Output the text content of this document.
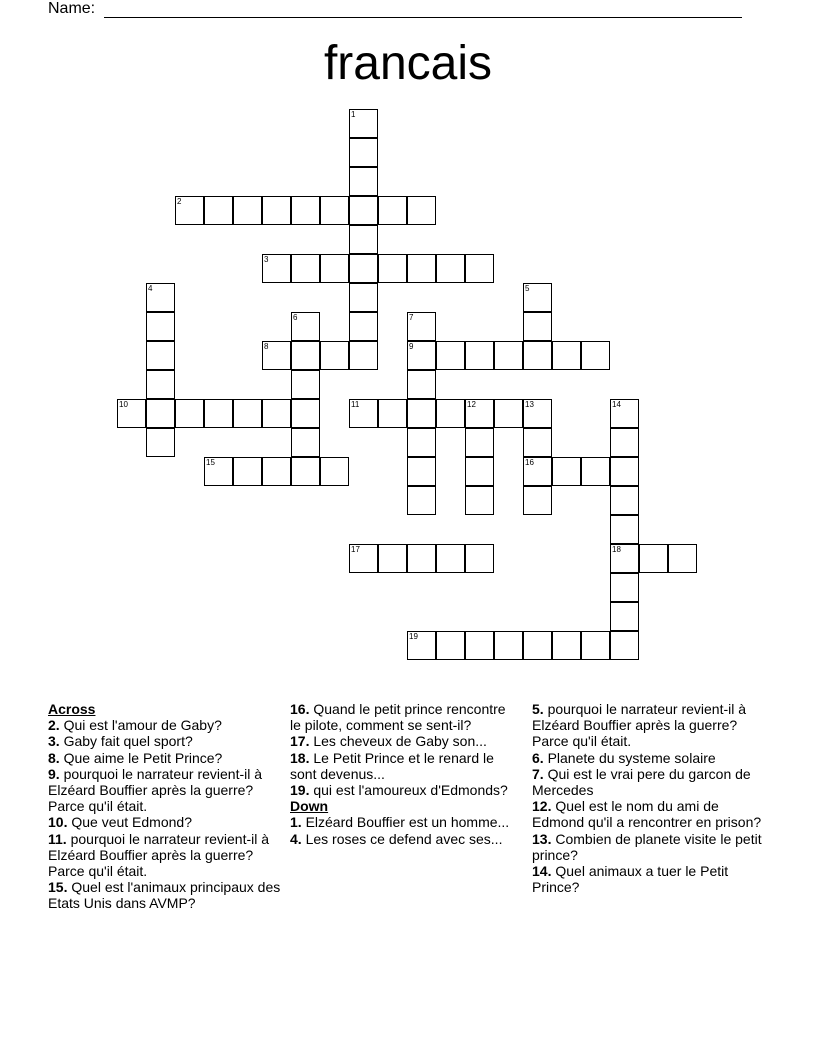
Name:
francais
1
2
3
4	5
6	7
9
8
10	11	12	13
16
14
18
15
17
19
Across
2. Qui est l'amour de Gaby?
3. Gaby fait quel sport?
8. Que aime le Petit Prince?
9. pourquoi le narrateur revient-il à Elzéard Bouffier après la guerre? Parce qu'il était.
10. Que veut Edmond?
11. pourquoi le narrateur revient-il à Elzéard Bouffier après la guerre? Parce qu'il était.
15. Quel est l'animaux principaux des Etats Unis dans AVMP?
16. Quand le petit prince rencontre le pilote, comment se sent-il?
17. Les cheveux de Gaby son...
18. Le Petit Prince et le renard le sont devenus...
19. qui est l'amoureux d'Edmonds?
Down
1. Elzéard Bouffier est un homme...
4. Les roses ce defend avec ses...
5. pourquoi le narrateur revient-il à Elzéard Bouffier après la guerre? Parce qu'il était.
6. Planete du systeme solaire
7. Qui est le vrai pere du garcon de Mercedes
12. Quel est le nom du ami de Edmond qu'il a rencontrer en prison?
13. Combien de planete visite le petit prince?
14. Quel animaux a tuer le Petit Prince?
